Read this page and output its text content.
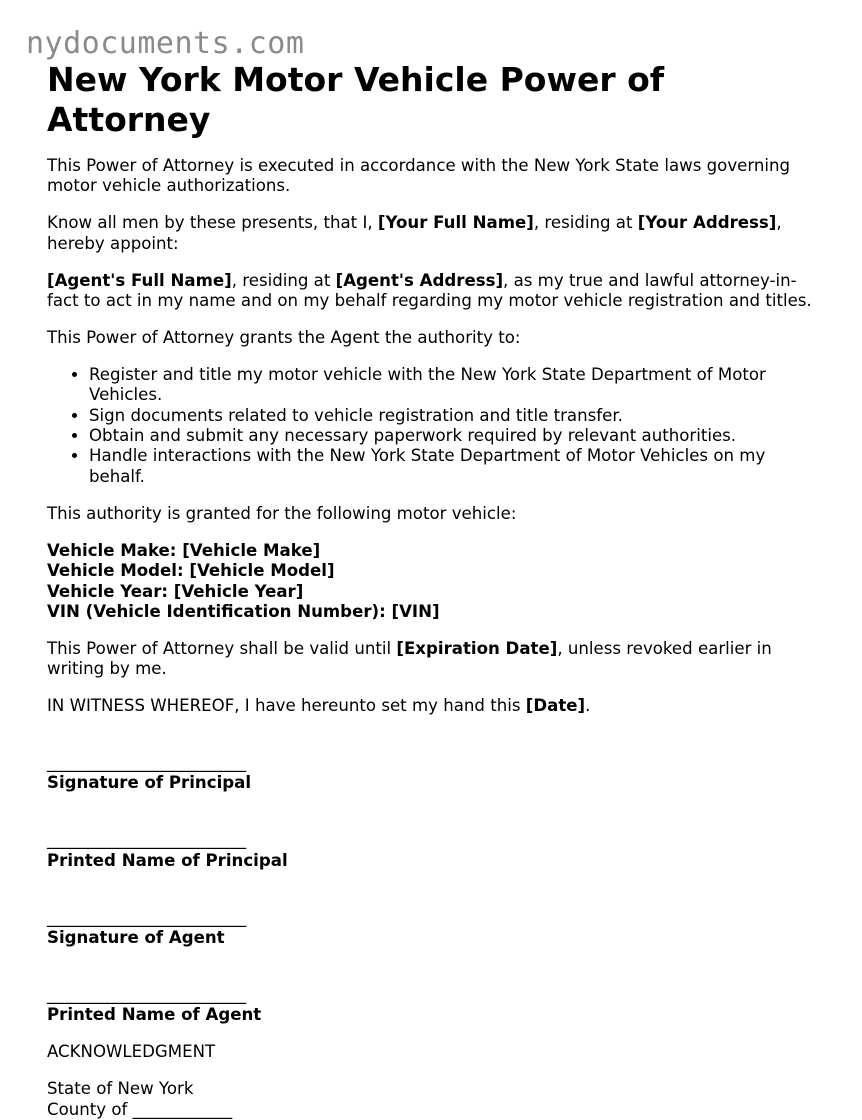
nydocuments.com
New York Motor Vehicle Power of Attorney

This Power of Attorney is executed in accordance with the New York State laws governing motor vehicle authorizations.

Know all men by these presents, that I, [Your Full Name], residing at [Your Address], hereby appoint:

[Agent's Full Name], residing at [Agent's Address], as my true and lawful attorney-in-fact to act in my name and on my behalf regarding my motor vehicle registration and titles.

This Power of Attorney grants the Agent the authority to:

• Register and title my motor vehicle with the New York State Department of Motor Vehicles.
• Sign documents related to vehicle registration and title transfer.
• Obtain and submit any necessary paperwork required by relevant authorities.
• Handle interactions with the New York State Department of Motor Vehicles on my behalf.

This authority is granted for the following motor vehicle:

Vehicle Make: [Vehicle Make]
Vehicle Model: [Vehicle Model]
Vehicle Year: [Vehicle Year]
VIN (Vehicle Identification Number): [VIN]

This Power of Attorney shall be valid until [Expiration Date], unless revoked earlier in writing by me.

IN WITNESS WHEREOF, I have hereunto set my hand this [Date].

________________________
Signature of Principal
________________________
Printed Name of Principal
________________________
Signature of Agent
________________________
Printed Name of Agent

ACKNOWLEDGMENT

State of New York
County of ____________
